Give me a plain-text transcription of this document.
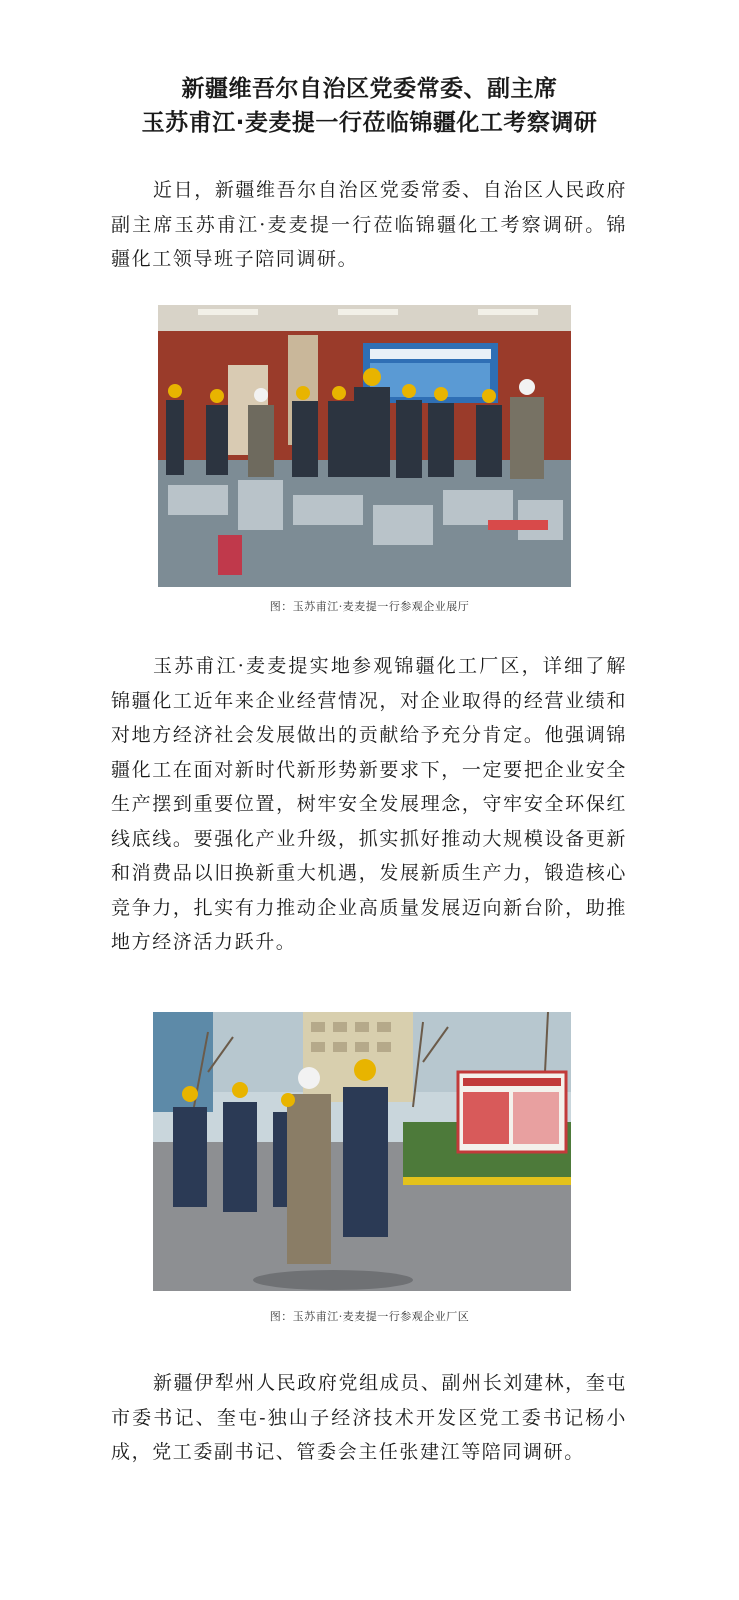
新疆维吾尔自治区党委常委、副主席
玉苏甫江·麦麦提一行莅临锦疆化工考察调研

近日，新疆维吾尔自治区党委常委、自治区人民政府副主席玉苏甫江·麦麦提一行莅临锦疆化工考察调研。锦疆化工领导班子陪同调研。

图：玉苏甫江·麦麦提一行参观企业展厅

玉苏甫江·麦麦提实地参观锦疆化工厂区，详细了解锦疆化工近年来企业经营情况，对企业取得的经营业绩和对地方经济社会发展做出的贡献给予充分肯定。他强调锦疆化工在面对新时代新形势新要求下，一定要把企业安全生产摆到重要位置，树牢安全发展理念，守牢安全环保红线底线。要强化产业升级，抓实抓好推动大规模设备更新和消费品以旧换新重大机遇，发展新质生产力，锻造核心竞争力，扎实有力推动企业高质量发展迈向新台阶，助推地方经济活力跃升。

图：玉苏甫江·麦麦提一行参观企业厂区

新疆伊犁州人民政府党组成员、副州长刘建林，奎屯市委书记、奎屯-独山子经济技术开发区党工委书记杨小成，党工委副书记、管委会主任张建江等陪同调研。
